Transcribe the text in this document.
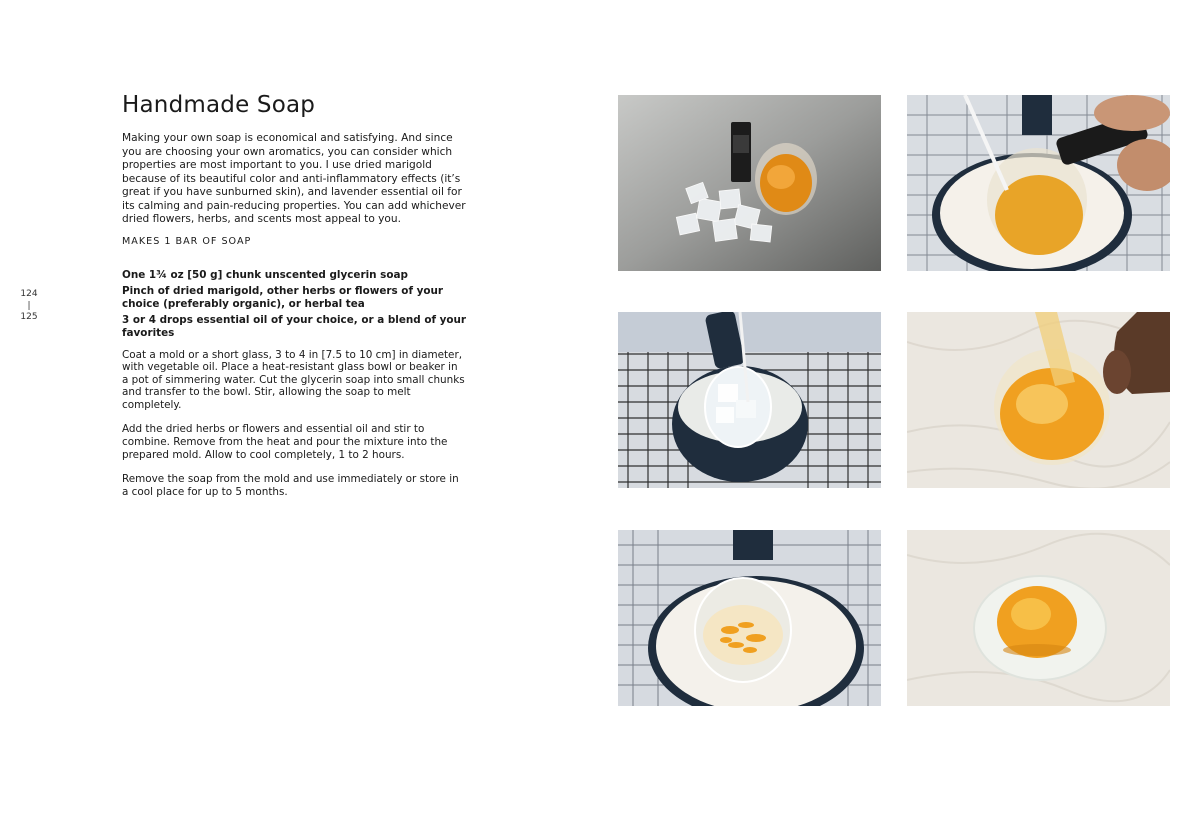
124
|
125
Handmade Soap

Making your own soap is economical and satisfying. And since you are choosing your own aromatics, you can consider which properties are most important to you. I use dried marigold because of its beautiful color and anti-inflammatory effects (it’s great if you have sunburned skin), and lavender essential oil for its calming and pain-reducing properties. You can add whichever dried flowers, herbs, and scents most appeal to you.

MAKES 1 BAR OF SOAP

One 1¾ oz [50 g] chunk unscented glycerin soap
Pinch of dried marigold, other herbs or flowers of your choice (preferably organic), or herbal tea
3 or 4 drops essential oil of your choice, or a blend of your favorites

Coat a mold or a short glass, 3 to 4 in [7.5 to 10 cm] in diameter, with vegetable oil. Place a heat-resistant glass bowl or beaker in a pot of simmering water. Cut the glycerin soap into small chunks and transfer to the bowl. Stir, allowing the soap to melt completely.

Add the dried herbs or flowers and essential oil and stir to combine. Remove from the heat and pour the mixture into the prepared mold. Allow to cool completely, 1 to 2 hours.

Remove the soap from the mold and use immediately or store in a cool place for up to 5 months.
